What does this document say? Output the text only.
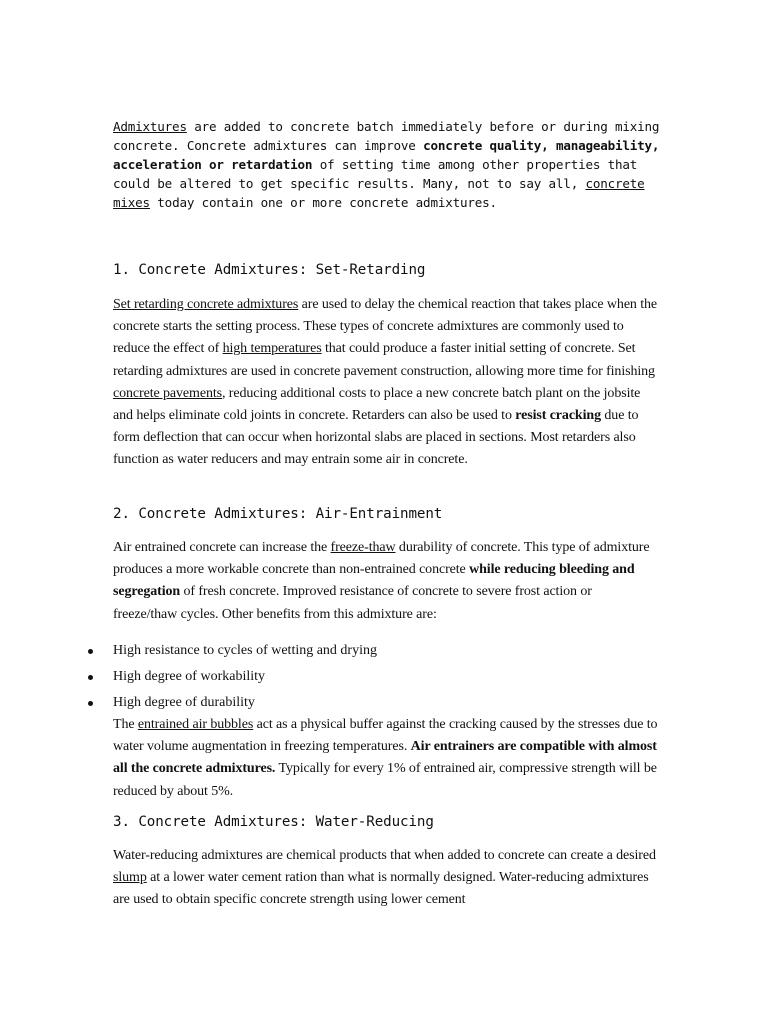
Admixtures are added to concrete batch immediately before or during mixing concrete. Concrete admixtures can improve concrete quality, manageability, acceleration or retardation of setting time among other properties that could be altered to get specific results. Many, not to say all, concrete mixes today contain one or more concrete admixtures.

1. Concrete Admixtures: Set-Retarding

Set retarding concrete admixtures are used to delay the chemical reaction that takes place when the concrete starts the setting process. These types of concrete admixtures are commonly used to reduce the effect of high temperatures that could produce a faster initial setting of concrete. Set retarding admixtures are used in concrete pavement construction, allowing more time for finishing concrete pavements, reducing additional costs to place a new concrete batch plant on the jobsite and helps eliminate cold joints in concrete. Retarders can also be used to resist cracking due to form deflection that can occur when horizontal slabs are placed in sections. Most retarders also function as water reducers and may entrain some air in concrete.

2. Concrete Admixtures: Air-Entrainment

Air entrained concrete can increase the freeze-thaw durability of concrete. This type of admixture produces a more workable concrete than non-entrained concrete while reducing bleeding and segregation of fresh concrete. Improved resistance of concrete to severe frost action or freeze/thaw cycles. Other benefits from this admixture are:

High resistance to cycles of wetting and drying
High degree of workability
High degree of durability

The entrained air bubbles act as a physical buffer against the cracking caused by the stresses due to water volume augmentation in freezing temperatures. Air entrainers are compatible with almost all the concrete admixtures. Typically for every 1% of entrained air, compressive strength will be reduced by about 5%.

3. Concrete Admixtures: Water-Reducing

Water-reducing admixtures are chemical products that when added to concrete can create a desired slump at a lower water cement ration than what is normally designed. Water-reducing admixtures are used to obtain specific concrete strength using lower cement
